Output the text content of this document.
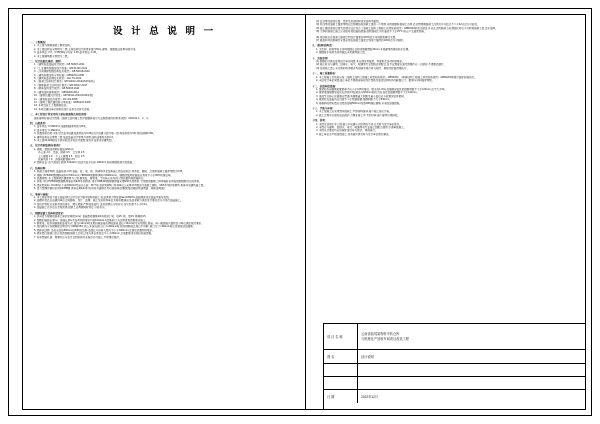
设 计 总 说 明 一

一、工程概况:

1. 本工程为钢筋混凝土框架结构。

2. 本工程结构安全等级为二级,主体结构设计使用年限为50年,建筑、屋面做法使用年限另详。

3. 基本风压: 0.5、0.55(50年),风压: 0.35,基本雪压: 0.45。

4. 本工程建筑耐火等级为二级。

二、设计依据及规范、规程:

1.《建筑地基基础设计规范》GB 50007-2011

2.《工业建筑防腐蚀设计标准》GB 51201-2012

3.《冷弯薄壁型钢结构技术规范》GB 50018-2002

4.《建筑抗震设防分类标准》GB50223-2008

5.《建筑地基处理技术规范》JGJ 79-2012

6.《混凝土结构设计规范》GB 50010-2010(2015年版)

7.《钢筋混凝土结构设计规范》GB 50017-2017

8.《砌体结构设计规范》GB 50003-2011

9.《建筑结构荷载规范》GB50009-2012

10.《建筑抗震设计规范》GB 50011-2010(2016年版)

11.《建筑桩基技术规范》JGJ 94-2008

12.《建筑工程抗震设防分类标准》GB50223-2008

13. 本项目岩土工程勘察报告。

14. 本项目建设单位提供的设计任务书及有关资料。

三、本工程设计所采用的主要标准图集及构造详图:

国家建筑标准设计图集《混凝土结构施工图平面整体表示方法制图规则和构造详图》16G101-1、2、3。

四、自然条件:

1. 基本风压: 0.55kN/m²,地面粗糙度类别为B类。

2. 基本雪压: 0.45kN/m²。

3. 抗震设防烈度: 6度,设计基本地震加速度值为0.05g,设计地震分组为第一组,场地类别为II类,特征周期0.35s。

4. 建筑结构安全等级二级,地基基础设计等级为丙级,结构重要性系数1.0。

5. 本工程±0.000相当于绝对标高详见总平面图,室内外高差详见建筑图。

五、设计荷载取值(标准值):

1. 楼面、屋面活荷载标准值(kN/m²):

办公室 2.0    走道、楼梯 3.5    卫生间 2.5

上人屋面 2.0    不上人屋面 0.5    阳台 2.5

设备用房 7.0    消防疏散楼梯 3.5

2. 墙体自重: 加气混凝土砌块 8.0kN/m³,烧结页岩多孔砖 19kN/m³,轻质隔墙板按实际取值。

六、结构材料:

1. 混凝土强度等级: 基础垫层 C15,基础、柱、梁、板、楼梯等详见结构施工图各层标注,构造柱、圈梁、过梁等混凝土强度等级为C25。

2. 钢筋: HPB300级钢筋(φ)fy=270N/mm²; HRB400级钢筋(Φ)fy=360N/mm²。钢筋的强度标准值应具有不小于95%的保证率。

3. 抗震等级: 本工程框架抗震等级为三级,框架柱、框架梁、节点核心区均按三级抗震构造措施执行。

4. 焊条: 用于HPB300级钢筋焊接采用E43系列焊条; 用于HRB400级钢筋焊接采用E50系列焊条; 不同级别钢筋之间焊接时采用低级别钢筋对应的焊条。

5. 填充墙材料: ±0.000以下采用MU10页岩实心砖、M7.5水泥砂浆砌筑; ±0.000以上采用A3.5级加气混凝土砌块、Mb5专用砂浆砌筑,具体详见建筑施工图。

6. 受力预埋件钢材采用Q235B钢,焊条采用E43系列,所有外露铁件均应做防锈处理(除锈后刷防锈漆两道、调和漆两道)。

七、地基与基础:

1. 本工程采用柱下独立基础(承台),持力层为第②层粉质黏土,地基承载力特征值fak=180kPa,基础埋深详见基础平面布置图。

2. 基槽开挖后应由建设单位会同勘察、设计、监理、施工及质检等单位共同验槽,确认地基承载力满足设计要求后方可进行基础施工。

3. 基坑开挖时应采取有效的排水、降水措施,严禁浸泡基坑; 基坑回填应分层夯实,压实系数不小于0.94。

4. 基础施工完毕后应及时回填,回填土应两侧同时进行,分层夯实。

八、钢筋混凝土结构构造要求:

1. 纵向受力钢筋的混凝土保护层厚度(mm): 基础底板钢筋40(有垫层); 梁、柱25; 板、墙15; 楼梯板15。

2. 钢筋的锚固长度La、搭接长度Ll及各项构造要求均按16G101-1图集执行,未注明者按图集要求施工。

3. 框架梁、柱纵向钢筋的连接方式: 直径≥16mm时采用机械连接或焊接连接,直径<16mm时可采用绑扎搭接。同一截面接头面积百分率应满足规范要求。

4. 现浇板内分布钢筋除注明外均为Φ6@250; 板上开洞当洞口尺寸≤300mm时,板内钢筋绕过洞口不切断; 洞口尺寸>300mm时应设置洞边加强筋。

5. 墙体拉结筋: 沿柱全高每500mm设2Φ6拉结筋,沿墙长方向伸入墙内不小于1000mm,且满足抗震构造要求。

6. 填充墙门窗洞口处应设置钢筋混凝土过梁,过梁支承长度每边不小于250mm,过梁配筋详见相应标准图集。

7. 所有预留孔洞、预埋件应与各专业图纸核对无误后方可施工,严禁事后凿打。

(2) 后浇带的留设位置、宽度及封闭时间详见结构平面图。

(3) 所浇带的混凝土强度等级应比两侧结构混凝土提高一个等级,采用微膨胀混凝土浇筑,后浇带两侧混凝土浇筑完毕并经过不少于42天后方可封闭。

(4) 施工缝的留设位置及处理方法应符合《混凝土结构工程施工质量验收规范》GB50204的有关规定,并应在浇筑混凝土前清除松动石子及软弱混凝土层,浇水湿润。

(5) 大体积混凝土施工应采取有效的温控措施,控制混凝土内外温差不大于25℃,防止产生温度裂缝。

(6) 现浇板应在混凝土强度达到设计强度的100%后方可拆除底模及支撑。

(7) 悬挑构件的底模及支撑必须在混凝土强度达到设计强度的100%后方可拆除。

九、楼(屋)面构造:

1. 卫生间、厨房等有水房间楼面应比相邻楼面降低30mm,并按建筑图做好防水处理。

2. 屋面排水坡度及构造做法详见建筑施工图。

十、其他事项:

(1) 钢筋的代换应征得设计单位同意,并应满足等强度、等面积及各项构造要求。

(2) 施工时应与建筑、给排水、电气、暖通等专业图纸密切配合,各专业预留孔洞及预埋件应一次做好,不得事后凿打。

(3) 结构施工图上未注明的构造要求均按国家现行有关规范、规程及标准图集执行。

十一、施工质量验收:

1. 本工程施工及验收应按《混凝土结构工程施工质量验收规范》GB50204、《砌体结构工程施工质量验收规范》GB50203等现行国家标准执行。

2. 未经设计单位同意,施工单位不得擅自修改设计图纸及更改结构构件的截面尺寸、配筋与材料强度等级。

十二、抗震构造措施:

1. 框架柱纵向钢筋的配筋率不应小于0.8%(角柱、框支柱1.0%),柱箍筋加密区的箍筋间距不大于100mm,且不大于6d。

2. 框架梁端箍筋加密区长度取1.5倍梁高与500mm的较大值,加密区箍筋间距不大于100mm。

3. 梁柱节点核心区箍筋应贯通,其箍筋最大间距及最小直径应与柱端加密区相同。

4. 框架柱在基础内应设置不少于两道箍筋,箍筋间距不大于500mm。

5. 楼梯间的填充墙应沿墙高每隔500mm设置2Φ6通长钢筋,并采取加强措施。

十三、节能与环保:

1. 本工程施工应采用预拌混凝土,严禁现场搅拌,减少施工扬尘污染。

2. 施工过程中应做好成品保护,合理安排工序,节约材料,减少建筑垃圾排放。

十四、说明:

1. 本图仅适用于本工程,施工中如遇与实际情况不符,应及时与设计单位联系。

2. 本图应与建筑、给排水、电气、暖通等各专业施工图配合使用,不得单独施工。

3. 本图未尽事宜均应按国家现行有关规范、规程执行。

4. 施工单位应严格按图施工,如有疑问请及时与设计单位联系解决。

项 目 名 称
云南省曲靖某物料中转仓库
与炼焦化产回收车间项目改造工程
图 名	设计说明
日 期	2022年12月
